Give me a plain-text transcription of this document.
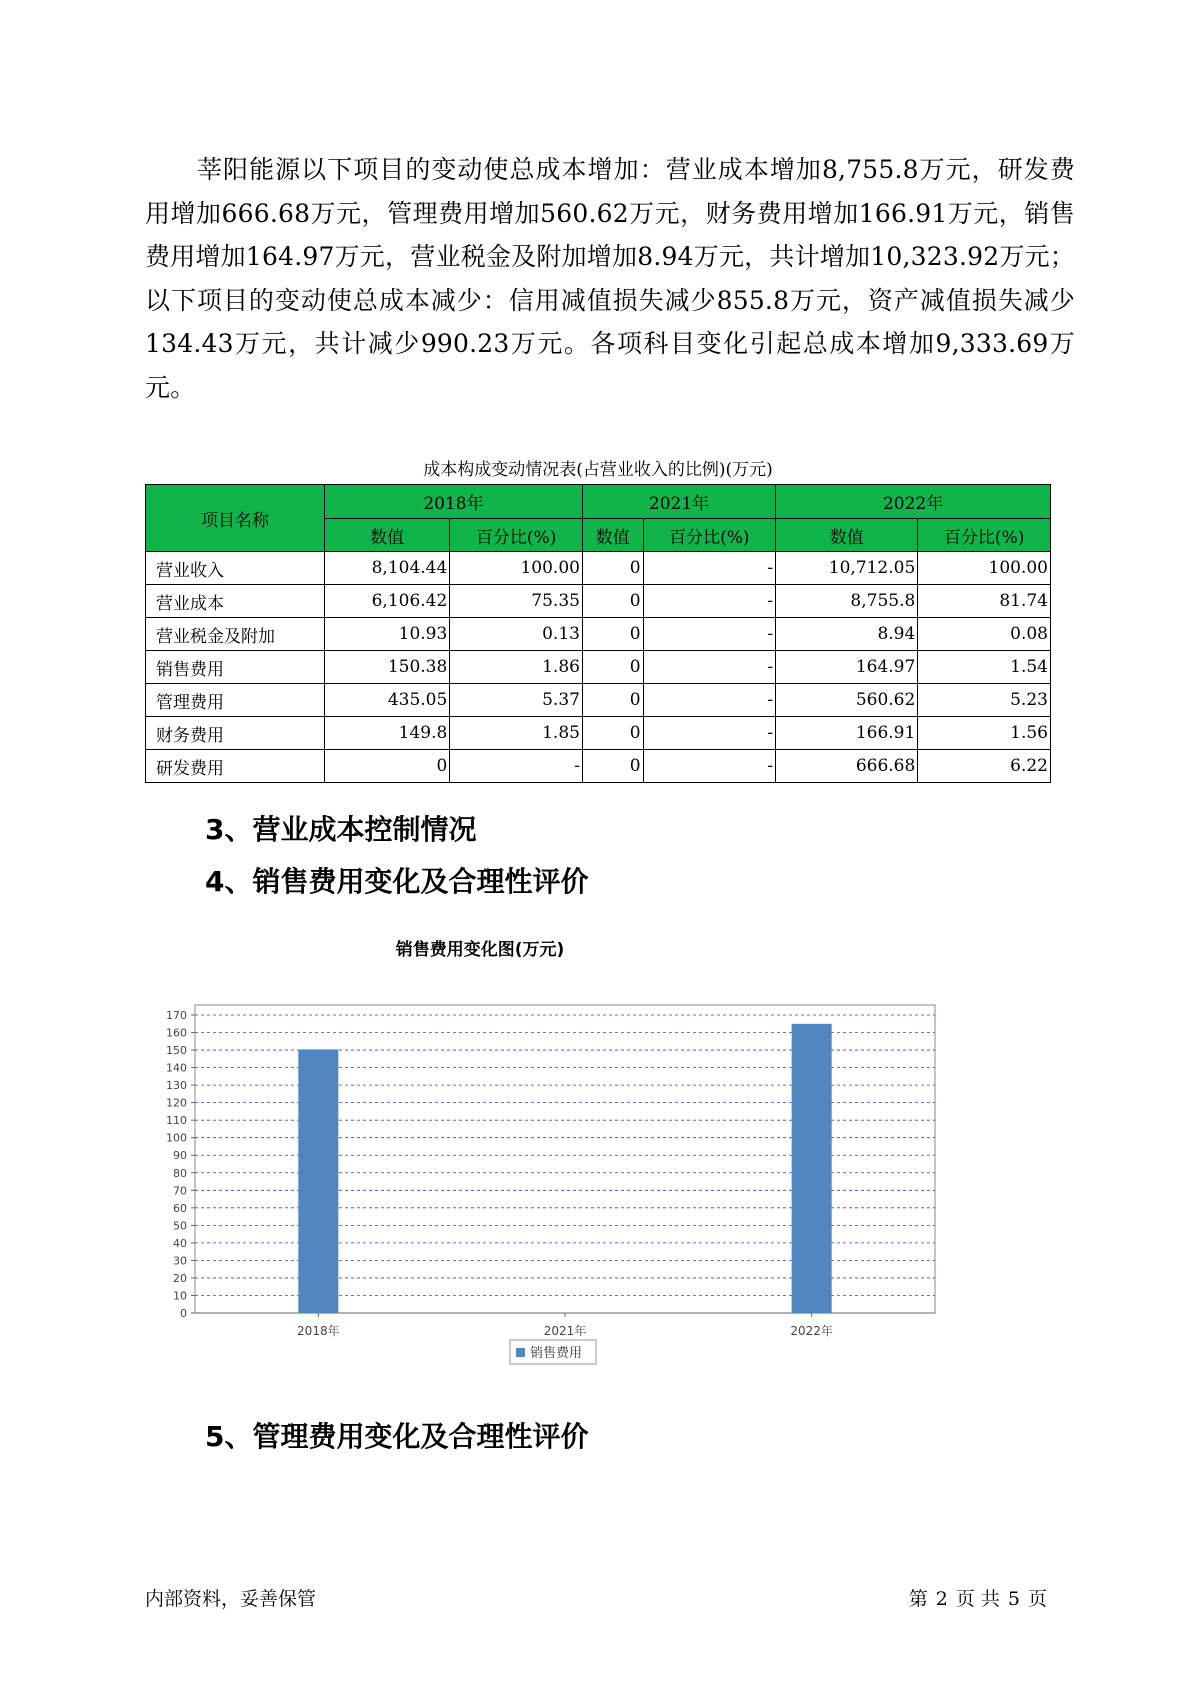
莘阳能源以下项目的变动使总成本增加：营业成本增加8,755.8万元，研发费用增加666.68万元，管理费用增加560.62万元，财务费用增加166.91万元，销售费用增加164.97万元，营业税金及附加增加8.94万元，共计增加10,323.92万元；以下项目的变动使总成本减少：信用减值损失减少855.8万元，资产减值损失减少134.43万元，共计减少990.23万元。各项科目变化引起总成本增加9,333.69万元。
成本构成变动情况表(占营业收入的比例)(万元)
项目名称	2018年		2021年		2022年	
	数值	百分比(%)	数值	百分比(%)	数值	百分比(%)
营业收入	8,104.44	100.00	0	-	10,712.05	100.00
营业成本	6,106.42	75.35	0	-	8,755.8	81.74
营业税金及附加	10.93	0.13	0	-	8.94	0.08
销售费用	150.38	1.86	0	-	164.97	1.54
管理费用	435.05	5.37	0	-	560.62	5.23
财务费用	149.8	1.85	0	-	166.91	1.56
研发费用	0	-	0	-	666.68	6.22
3、营业成本控制情况
4、销售费用变化及合理性评价
销售费用变化图(万元)
0
10
20
30
40
50
60
70
80
90
100
110
120
130
140
150
160
170
2018年	2021年	2022年
销售费用
5、管理费用变化及合理性评价
内部资料，妥善保管	第 2 页 共 5 页
